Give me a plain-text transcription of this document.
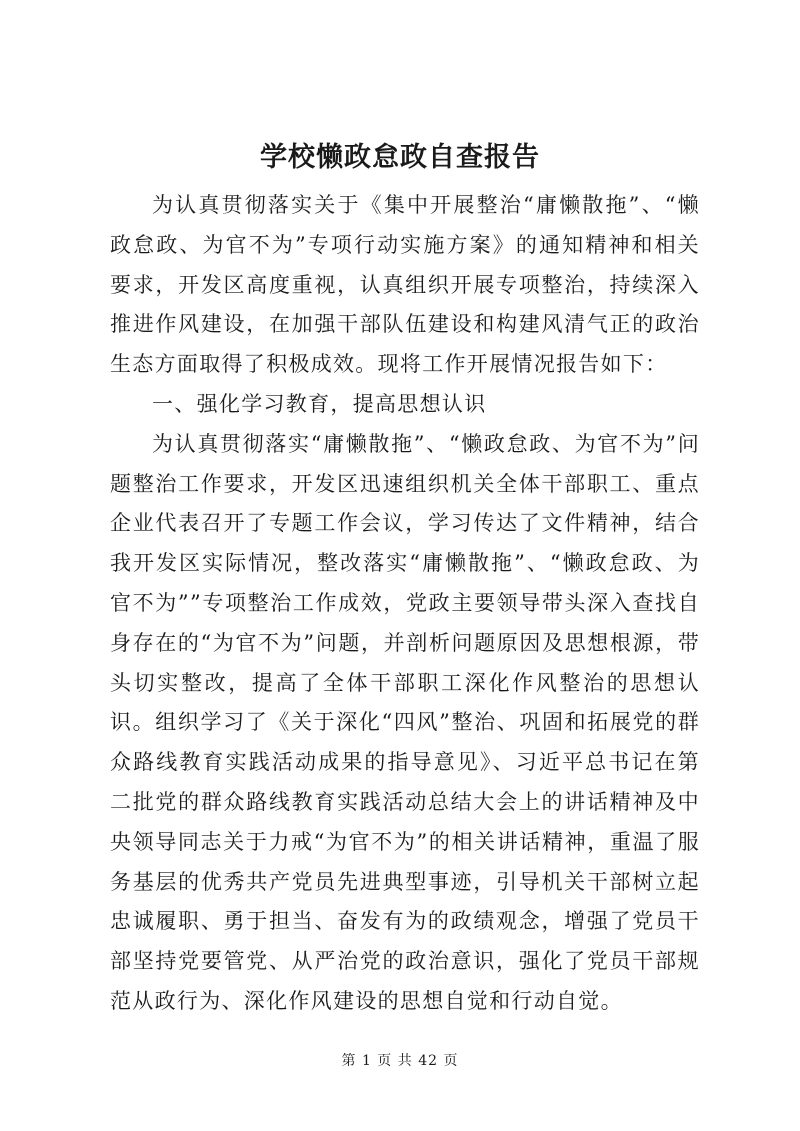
学校懒政怠政自查报告

为认真贯彻落实关于《集中开展整治“庸懒散拖”、“懒政怠政、为官不为”专项行动实施方案》的通知精神和相关要求，开发区高度重视，认真组织开展专项整治，持续深入推进作风建设，在加强干部队伍建设和构建风清气正的政治生态方面取得了积极成效。现将工作开展情况报告如下：

一、强化学习教育，提高思想认识

为认真贯彻落实“庸懒散拖”、“懒政怠政、为官不为”问题整治工作要求，开发区迅速组织机关全体干部职工、重点企业代表召开了专题工作会议，学习传达了文件精神，结合我开发区实际情况，整改落实“庸懒散拖”、“懒政怠政、为官不为””专项整治工作成效，党政主要领导带头深入查找自身存在的“为官不为”问题，并剖析问题原因及思想根源，带头切实整改，提高了全体干部职工深化作风整治的思想认识。组织学习了《关于深化“四风”整治、巩固和拓展党的群众路线教育实践活动成果的指导意见》、习近平总书记在第二批党的群众路线教育实践活动总结大会上的讲话精神及中央领导同志关于力戒“为官不为”的相关讲话精神，重温了服务基层的优秀共产党员先进典型事迹，引导机关干部树立起忠诚履职、勇于担当、奋发有为的政绩观念，增强了党员干部坚持党要管党、从严治党的政治意识，强化了党员干部规范从政行为、深化作风建设的思想自觉和行动自觉。

第 1 页 共 42 页
